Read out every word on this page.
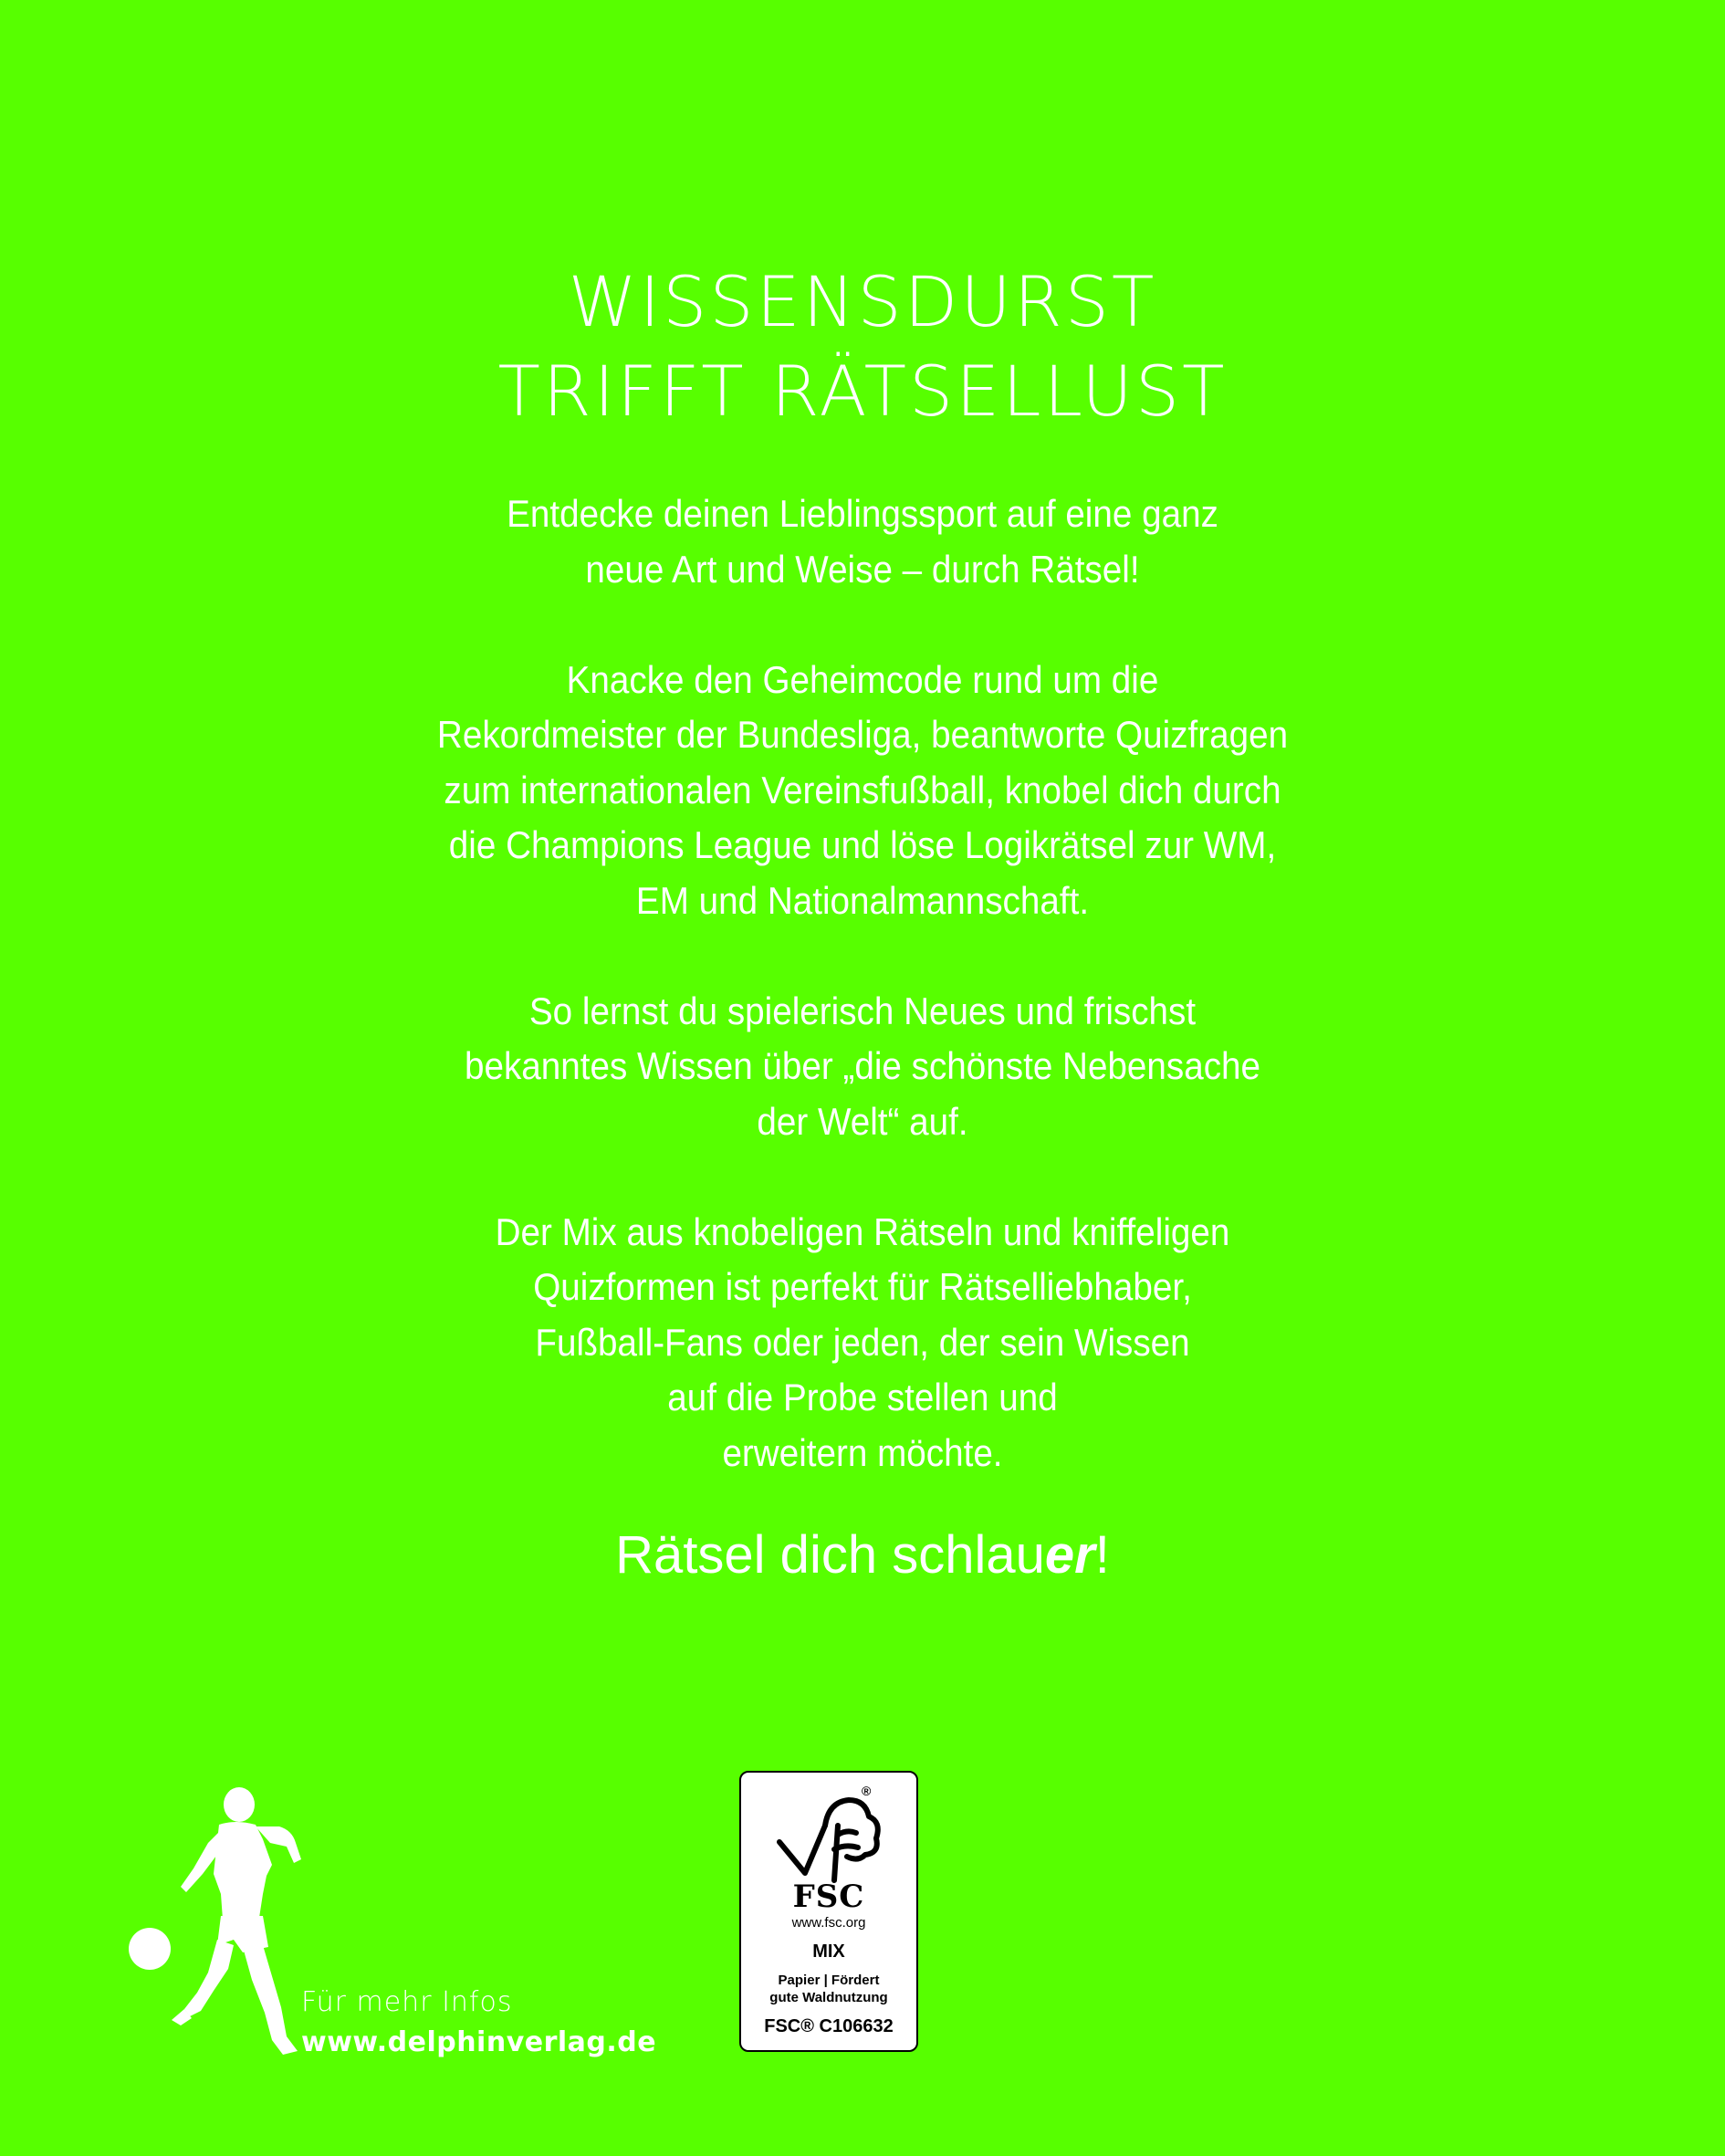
WISSENSDURST
TRIFFT RÄTSELLUST

Entdecke deinen Lieblingssport auf eine ganz
neue Art und Weise – durch Rätsel!

Knacke den Geheimcode rund um die
Rekordmeister der Bundesliga, beantworte Quizfragen
zum internationalen Vereinsfußball, knobel dich durch
die Champions League und löse Logikrätsel zur WM,
EM und Nationalmannschaft.

So lernst du spielerisch Neues und frischst
bekanntes Wissen über „die schönste Nebensache
der Welt“ auf.

Der Mix aus knobeligen Rätseln und kniffeligen
Quizformen ist perfekt für Rätselliebhaber,
Fußball-Fans oder jeden, der sein Wissen
auf die Probe stellen und
erweitern möchte.

Rätsel dich schlauer!
Für mehr Infos
www.delphinverlag.de
®
FSC
www.fsc.org
MIX
Papier | Fördert
gute Waldnutzung
FSC® C106632
